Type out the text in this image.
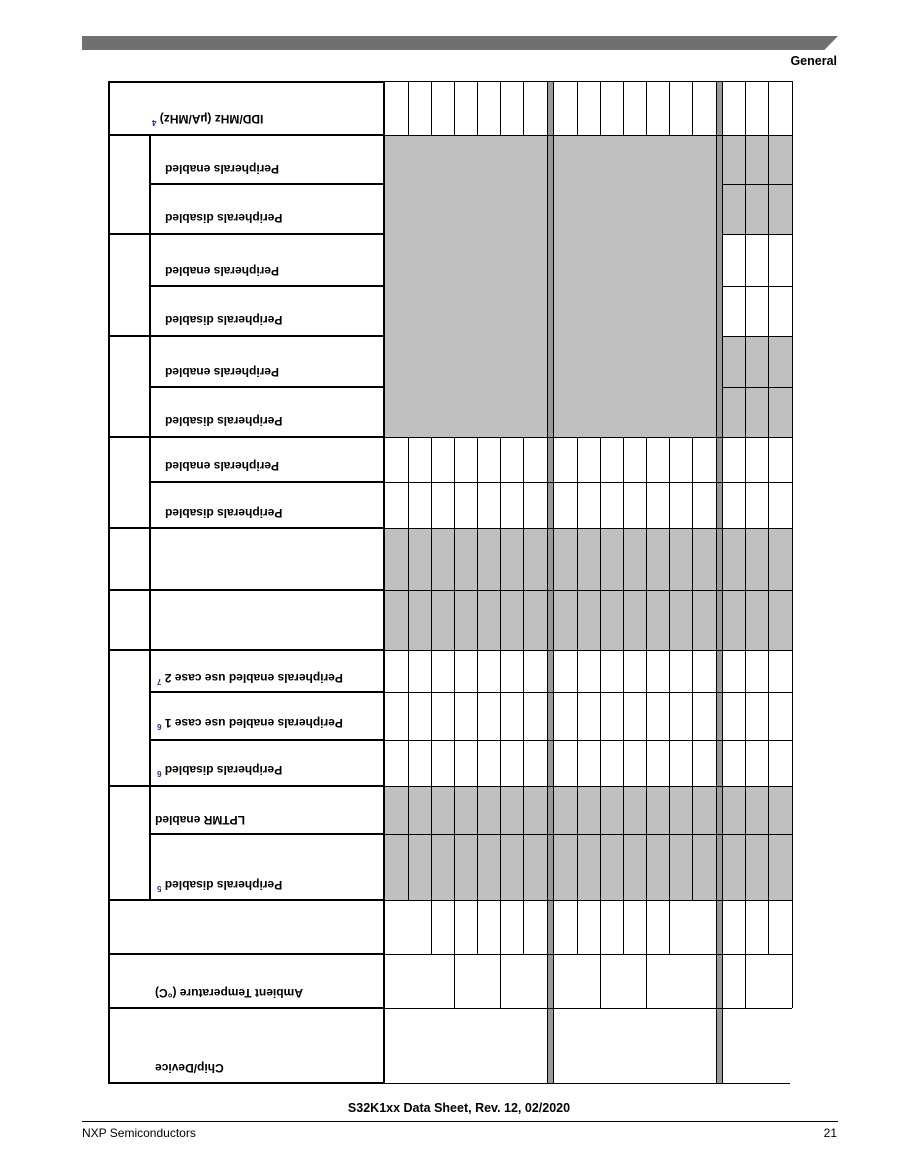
General
IDD/MHz (µA/MHz) $^4$
Peripherals enabled
Peripherals disabled
Peripherals enabled
Peripherals disabled
Peripherals enabled
Peripherals disabled
Peripherals enabled
Peripherals disabled
Peripherals enabled use case 2 $^7$
Peripherals enabled use case 1 $^6$
Peripherals disabled $^6$
LPTMR enabled
Peripherals disabled $^5$
Ambient Temperature (°C)
Chip/Device
S32K1xx Data Sheet, Rev. 12, 02/2020
NXP Semiconductors	21
